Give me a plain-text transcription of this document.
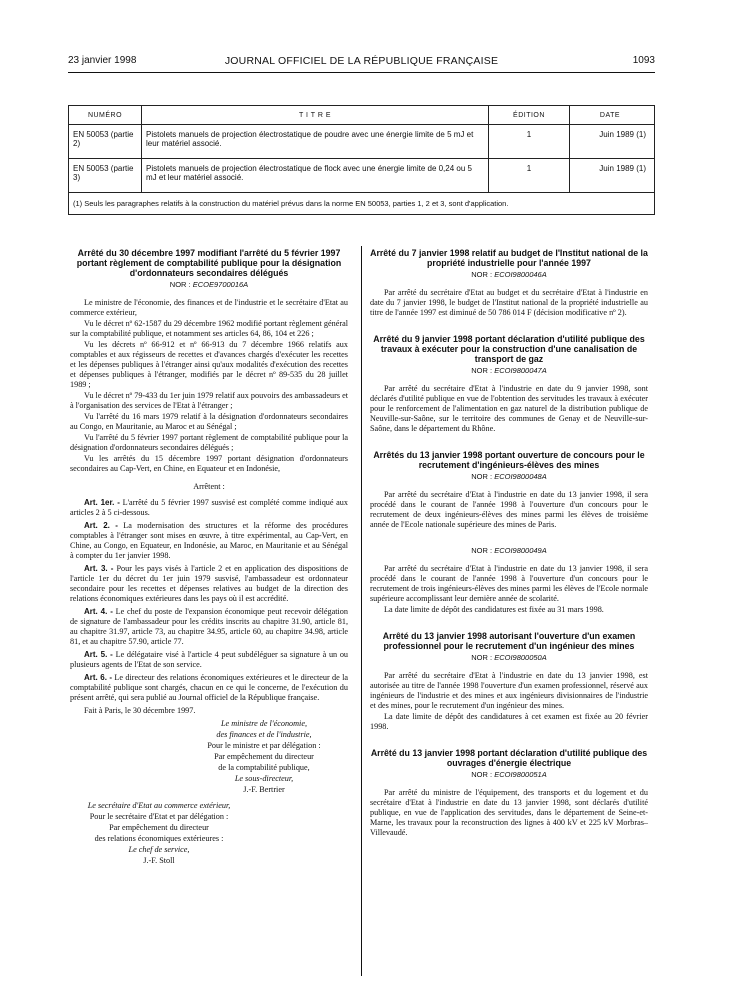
23 janvier 1998	JOURNAL OFFICIEL DE LA RÉPUBLIQUE FRANÇAISE	1093
NUMÉRO	T I T R E	ÉDITION	DATE
EN 50053 (partie 2)	Pistolets manuels de projection électrostatique de poudre avec une énergie limite de 5 mJ et leur matériel associé.	1	Juin 1989 (1)
EN 50053 (partie 3)	Pistolets manuels de projection électrostatique de flock avec une énergie limite de 0,24 ou 5 mJ et leur matériel associé.	1	Juin 1989 (1)
(1) Seuls les paragraphes relatifs à la construction du matériel prévus dans la norme EN 50053, parties 1, 2 et 3, sont d'application.			
Arrêté du 30 décembre 1997 modifiant l'arrêté du 5 février 1997 portant règlement de comptabilité publique pour la désignation d'ordonnateurs secondaires délégués
NOR : ECOE9700016A

Le ministre de l'économie, des finances et de l'industrie et le secrétaire d'Etat au commerce extérieur,

Vu le décret nº 62-1587 du 29 décembre 1962 modifié portant règlement général sur la comptabilité publique, et notamment ses articles 64, 86, 104 et 226 ;

Vu les décrets nº 66-912 et nº 66-913 du 7 décembre 1966 relatifs aux comptables et aux régisseurs de recettes et d'avances chargés d'exécuter les recettes et les dépenses publiques à l'étranger ainsi qu'aux modalités d'exécution des recettes et dépenses publiques à l'étranger, modifiés par le décret nº 89-535 du 28 juillet 1989 ;

Vu le décret nº 79-433 du 1er juin 1979 relatif aux pouvoirs des ambassadeurs et à l'organisation des services de l'Etat à l'étranger ;

Vu l'arrêté du 16 mars 1979 relatif à la désignation d'ordonnateurs secondaires au Congo, en Mauritanie, au Maroc et au Sénégal ;

Vu l'arrêté du 5 février 1997 portant règlement de comptabilité publique pour la désignation d'ordonnateurs secondaires délégués ;

Vu les arrêtés du 15 décembre 1997 portant désignation d'ordonnateurs secondaires au Cap-Vert, en Chine, en Equateur et en Indonésie,

Arrêtent :

Art. 1er. - L'arrêté du 5 février 1997 susvisé est complété comme indiqué aux articles 2 à 5 ci-dessous.

Art. 2. - La modernisation des structures et la réforme des procédures comptables à l'étranger sont mises en œuvre, à titre expérimental, au Cap-Vert, en Chine, au Congo, en Equateur, en Indonésie, au Maroc, en Mauritanie et au Sénégal à compter du 1er janvier 1998.

Art. 3. - Pour les pays visés à l'article 2 et en application des dispositions de l'article 1er du décret du 1er juin 1979 susvisé, l'ambassadeur est ordonnateur secondaire pour les recettes et dépenses relatives au budget de la direction des relations économiques extérieures dans les pays où il est accrédité.

Art. 4. - Le chef du poste de l'expansion économique peut recevoir délégation de signature de l'ambassadeur pour les crédits inscrits au chapitre 31.90, article 81, au chapitre 31.97, article 73, au chapitre 34.95, article 60, au chapitre 34.98, article 81, et au chapitre 57.90, article 77.

Art. 5. - Le délégataire visé à l'article 4 peut subdéléguer sa signature à un ou plusieurs agents de l'Etat de son service.

Art. 6. - Le directeur des relations économiques extérieures et le directeur de la comptabilité publique sont chargés, chacun en ce qui le concerne, de l'exécution du présent arrêté, qui sera publié au Journal officiel de la République française.

Fait à Paris, le 30 décembre 1997.

Le ministre de l'économie,

des finances et de l'industrie,

Pour le ministre et par délégation :

Par empêchement du directeur

de la comptabilité publique,

Le sous-directeur,

J.-F. Bertrier

Le secrétaire d'Etat au commerce extérieur,

Pour le secrétaire d'Etat et par délégation :

Par empêchement du directeur

des relations économiques extérieures :

Le chef de service,

J.-F. Stoll

Arrêté du 7 janvier 1998 relatif au budget de l'Institut national de la propriété industrielle pour l'année 1997
NOR : ECOI9800046A

Par arrêté du secrétaire d'Etat au budget et du secrétaire d'Etat à l'industrie en date du 7 janvier 1998, le budget de l'Institut national de la propriété industrielle au titre de l'année 1997 est diminué de 50 786 014 F (décision modificative nº 2).

Arrêté du 9 janvier 1998 portant déclaration d'utilité publique des travaux à exécuter pour la construction d'une canalisation de transport de gaz
NOR : ECOI9800047A

Par arrêté du secrétaire d'Etat à l'industrie en date du 9 janvier 1998, sont déclarés d'utilité publique en vue de l'obtention des servitudes les travaux à exécuter pour le renforcement de l'alimentation en gaz naturel de la distribution publique de Neuville-sur-Saône, sur le territoire des communes de Genay et de Neuville-sur-Saône, dans le département du Rhône.

Arrêtés du 13 janvier 1998 portant ouverture de concours pour le recrutement d'ingénieurs-élèves des mines
NOR : ECOI9800048A

Par arrêté du secrétaire d'Etat à l'industrie en date du 13 janvier 1998, il sera procédé dans le courant de l'année 1998 à l'ouverture d'un concours pour le recrutement de deux ingénieurs-élèves des mines parmi les élèves de troisième année de l'Ecole nationale supérieure des mines de Paris.

NOR : ECOI9800049A

Par arrêté du secrétaire d'Etat à l'industrie en date du 13 janvier 1998, il sera procédé dans le courant de l'année 1998 à l'ouverture d'un concours pour le recrutement de trois ingénieurs-élèves des mines parmi les élèves de l'Ecole normale supérieure accomplissant leur dernière année de scolarité.

La date limite de dépôt des candidatures est fixée au 31 mars 1998.

Arrêté du 13 janvier 1998 autorisant l'ouverture d'un examen professionnel pour le recrutement d'un ingénieur des mines
NOR : ECOI9800050A

Par arrêté du secrétaire d'Etat à l'industrie en date du 13 janvier 1998, est autorisée au titre de l'année 1998 l'ouverture d'un examen professionnel, réservé aux ingénieurs de l'industrie et des mines et aux ingénieurs divisionnaires de l'industrie et des mines, pour le recrutement d'un ingénieur des mines.

La date limite de dépôt des candidatures à cet examen est fixée au 20 février 1998.

Arrêté du 13 janvier 1998 portant déclaration d'utilité publique des ouvrages d'énergie électrique
NOR : ECOI9800051A

Par arrêté du ministre de l'équipement, des transports et du logement et du secrétaire d'Etat à l'industrie en date du 13 janvier 1998, sont déclarés d'utilité publique, en vue de l'application des servitudes, dans le département de Seine-et-Marne, les travaux pour la reconstruction des lignes à 400 kV et 225 kV Morbras–Villevaudé.
